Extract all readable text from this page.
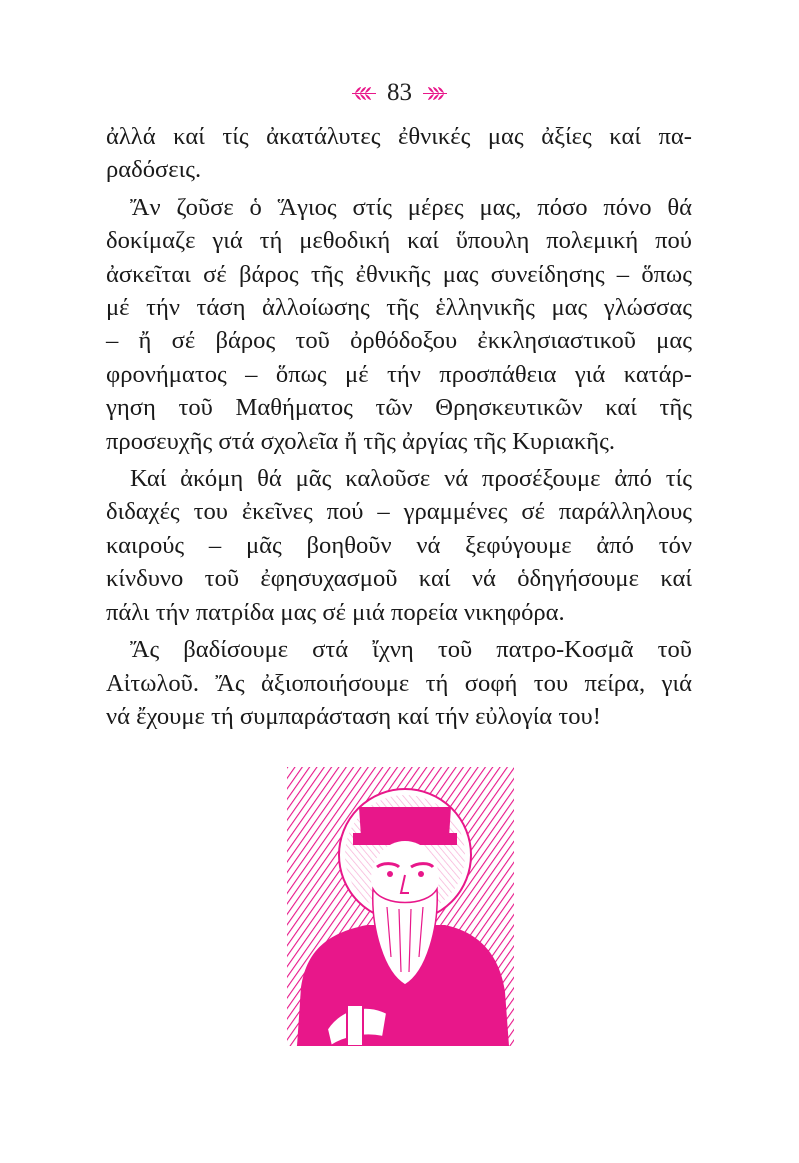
83

ἀλλά καί τίς ἀκατάλυτες ἐθνικές μας ἀξίες καί πα-
ραδόσεις.

Ἄν ζοῦσε ὁ Ἅγιος στίς μέρες μας, πόσο πόνο θά
δοκίμαζε γιά τή μεθοδική καί ὕπουλη πολεμική πού
ἀσκεῖται σέ βάρος τῆς ἐθνικῆς μας συνείδησης – ὅπως
μέ τήν τάση ἀλλοίωσης τῆς ἑλληνικῆς μας γλώσσας
– ἤ σέ βάρος τοῦ ὀρθόδοξου ἐκκλησιαστικοῦ μας
φρονήματος – ὅπως μέ τήν προσπάθεια γιά κατάρ-
γηση τοῦ Μαθήματος τῶν Θρησκευτικῶν καί τῆς
προσευχῆς στά σχολεῖα ἤ τῆς ἀργίας τῆς Κυριακῆς.

Καί ἀκόμη θά μᾶς καλοῦσε νά προσέξουμε ἀπό τίς
διδαχές του ἐκεῖνες πού – γραμμένες σέ παράλληλους
καιρούς – μᾶς βοηθοῦν νά ξεφύγουμε ἀπό τόν
κίνδυνο τοῦ ἐφησυχασμοῦ καί νά ὁδηγήσουμε καί
πάλι τήν πατρίδα μας σέ μιά πορεία νικηφόρα.

Ἄς βαδίσουμε στά ἴχνη τοῦ πατρο-Κοσμᾶ τοῦ
Αἰτωλοῦ. Ἄς ἀξιοποιήσουμε τή σοφή του πείρα, γιά
νά ἔχουμε τή συμπαράσταση καί τήν εὐλογία του!
